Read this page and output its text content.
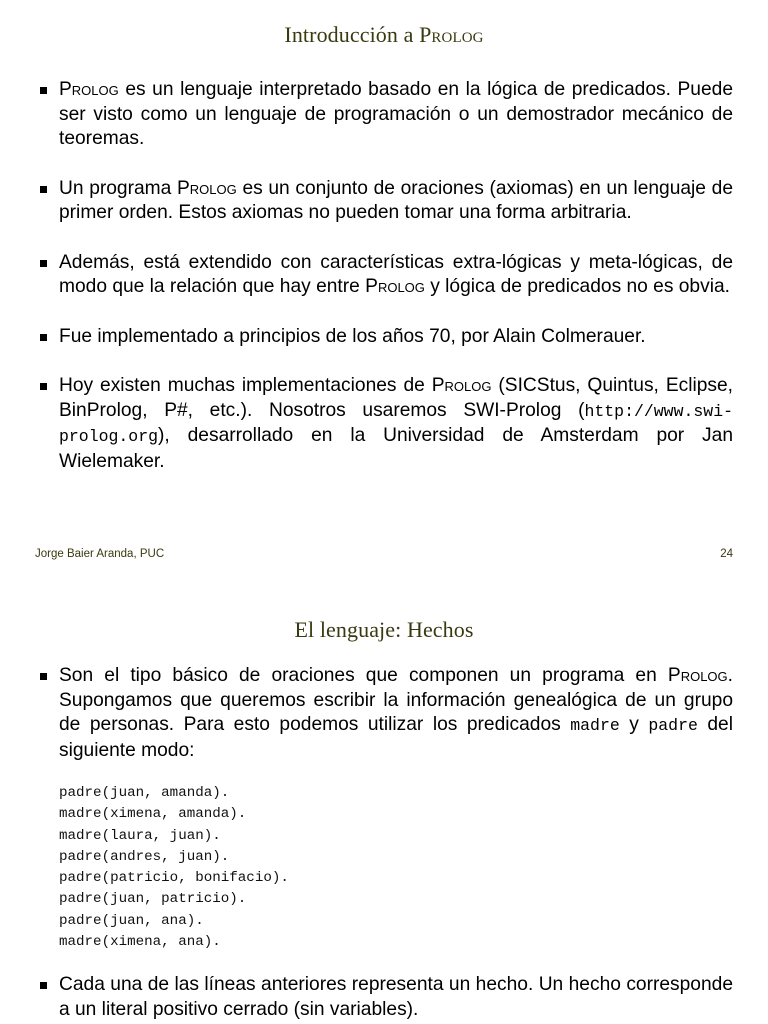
Introducción a Prolog
Prolog es un lenguaje interpretado basado en la lógica de predicados. Puede ser visto como un lenguaje de programación o un demostrador mecánico de teoremas.
Un programa Prolog es un conjunto de oraciones (axiomas) en un lenguaje de primer orden. Estos axiomas no pueden tomar una forma arbitraria.
Además, está extendido con características extra-lógicas y meta-lógicas, de modo que la relación que hay entre Prolog y lógica de predicados no es obvia.
Fue implementado a principios de los años 70, por Alain Colmerauer.
Hoy existen muchas implementaciones de Prolog (SICStus, Quintus, Eclipse, BinProlog, P#, etc.). Nosotros usaremos SWI-Prolog (http://www.swi-prolog.org), desarrollado en la Universidad de Amsterdam por Jan Wielemaker.
Jorge Baier Aranda, PUC	24
El lenguaje: Hechos
Son el tipo básico de oraciones que componen un programa en Prolog. Supongamos que queremos escribir la información genealógica de un grupo de personas. Para esto podemos utilizar los predicados madre y padre del siguiente modo:
padre(juan, amanda).
madre(ximena, amanda).
madre(laura, juan).
padre(andres, juan).
padre(patricio, bonifacio).
padre(juan, patricio).
padre(juan, ana).
madre(ximena, ana).
Cada una de las líneas anteriores representa un hecho. Un hecho corresponde a un literal positivo cerrado (sin variables).
